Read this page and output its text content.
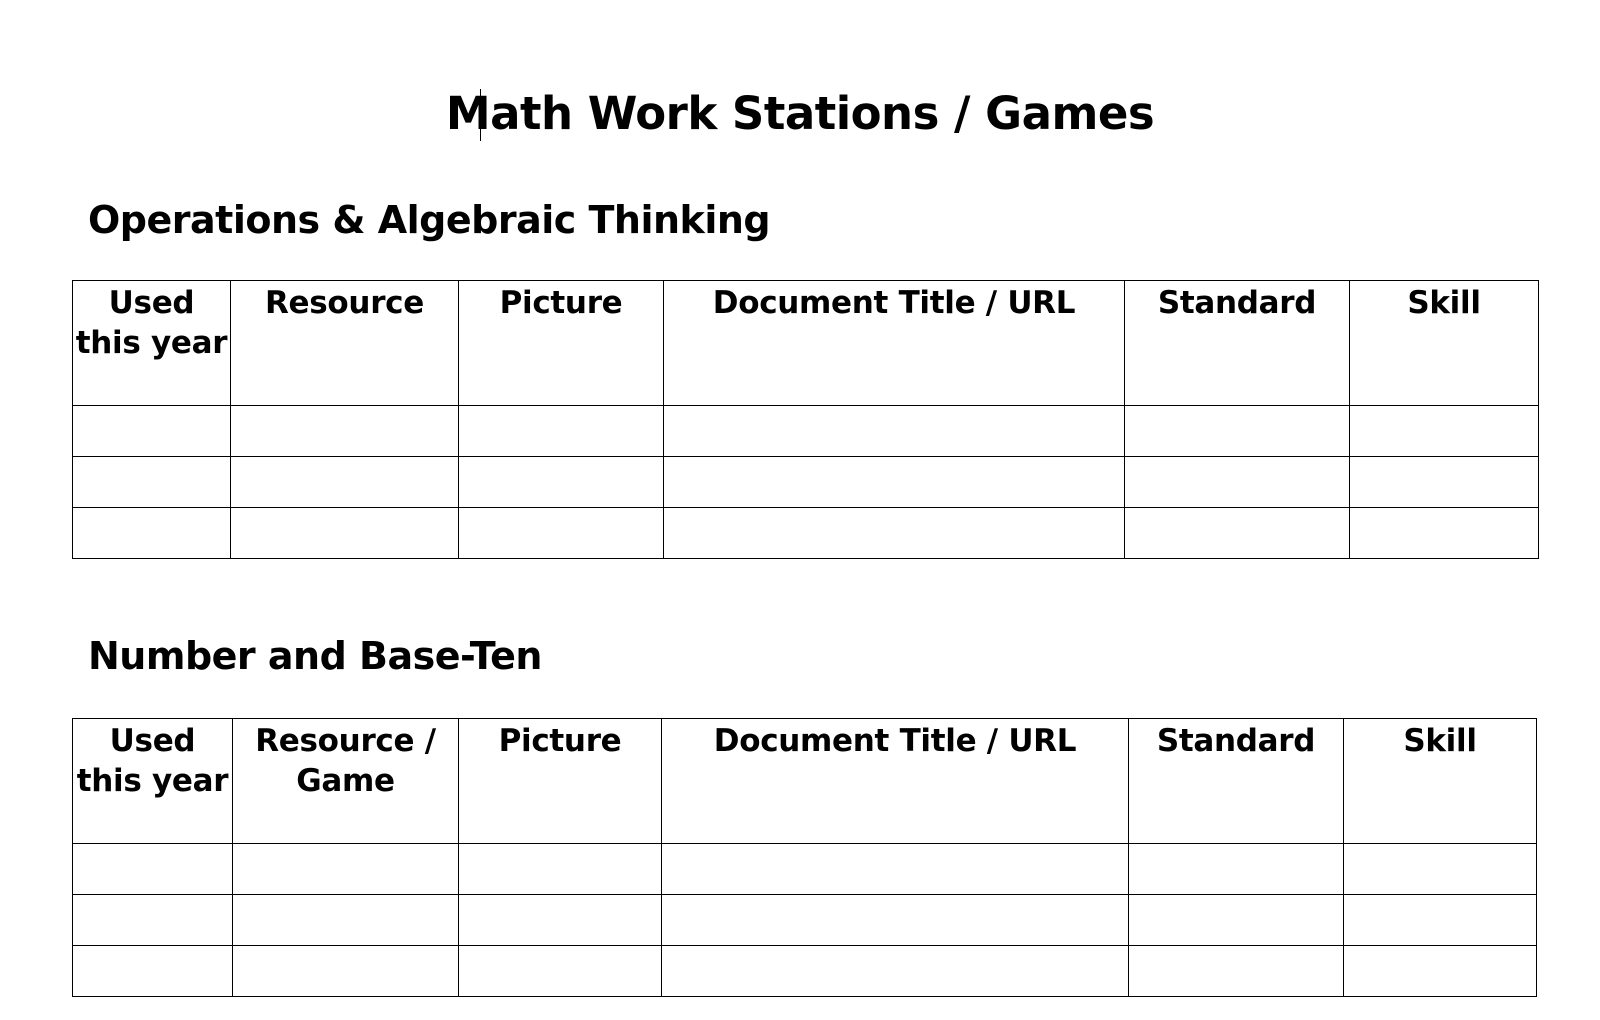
Math Work Stations / Games
Operations & Algebraic Thinking
Used this year	Resource	Picture	Document Title / URL	Standard	Skill

Number and Base-Ten
Used this year	Resource / Game	Picture	Document Title / URL	Standard	Skill
